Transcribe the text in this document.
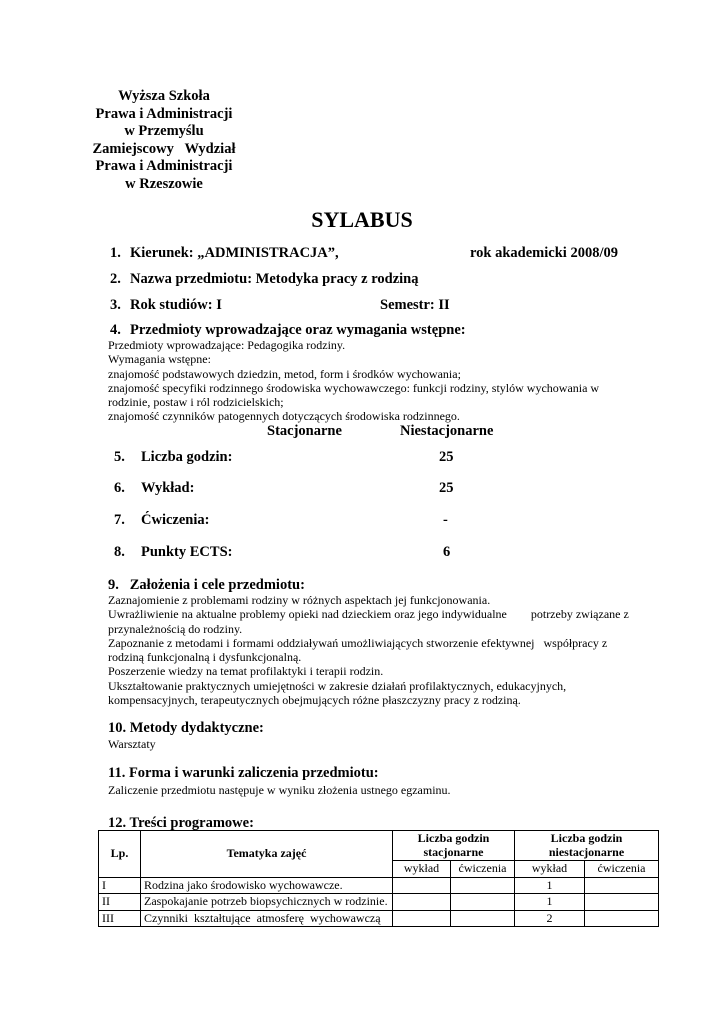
Wyższa Szkoła
Prawa i Administracji
w Przemyślu
Zamiejscowy   Wydział
Prawa i Administracji
w Rzeszowie
SYLABUS
1. Kierunek: „ADMINISTRACJA”,	rok akademicki 2008/09
2. Nazwa przedmiotu: Metodyka pracy z rodziną
3. Rok studiów: I	Semestr: II
4. Przedmioty wprowadzające oraz wymagania wstępne:
Przedmioty wprowadzające: Pedagogika rodziny.
Wymagania wstępne:
znajomość podstawowych dziedzin, metod, form i środków wychowania;
znajomość specyfiki rodzinnego środowiska wychowawczego: funkcji rodziny, stylów wychowania w
rodzinie, postaw i ról rodzicielskich;
znajomość czynników patogennych dotyczących środowiska rodzinnego.
Stacjonarne	Niestacjonarne
5. Liczba godzin:	25
6. Wykład:	25
7. Ćwiczenia:	-
8. Punkty ECTS:	6
9.   Założenia i cele przedmiotu:
Zaznajomienie z problemami rodziny w różnych aspektach jej funkcjonowania.
Uwrażliwienie na aktualne problemy opieki nad dzieckiem oraz jego indywidualne        potrzeby związane z
przynależnością do rodziny.
Zapoznanie z metodami i formami oddziaływań umożliwiających stworzenie efektywnej   współpracy z
rodziną funkcjonalną i dysfunkcjonalną.
Poszerzenie wiedzy na temat profilaktyki i terapii rodzin.
Ukształtowanie praktycznych umiejętności w zakresie działań profilaktycznych, edukacyjnych,
kompensacyjnych, terapeutycznych obejmujących różne płaszczyzny pracy z rodziną.
10. Metody dydaktyczne:
Warsztaty
11. Forma i warunki zaliczenia przedmiotu:
Zaliczenie przedmiotu następuje w wyniku złożenia ustnego egzaminu.
12. Treści programowe:
Lp.	Tematyka zajęć	Liczba godzin stacjonarne		Liczba godzin niestacjonarne	
		wykład	ćwiczenia	wykład	ćwiczenia
I	Rodzina jako środowisko wychowawcze.			1	
II	Zaspokajanie potrzeb biopsychicznych w rodzinie.			1	
III	Czynniki  kształtujące  atmosferę  wychowawczą			2	
